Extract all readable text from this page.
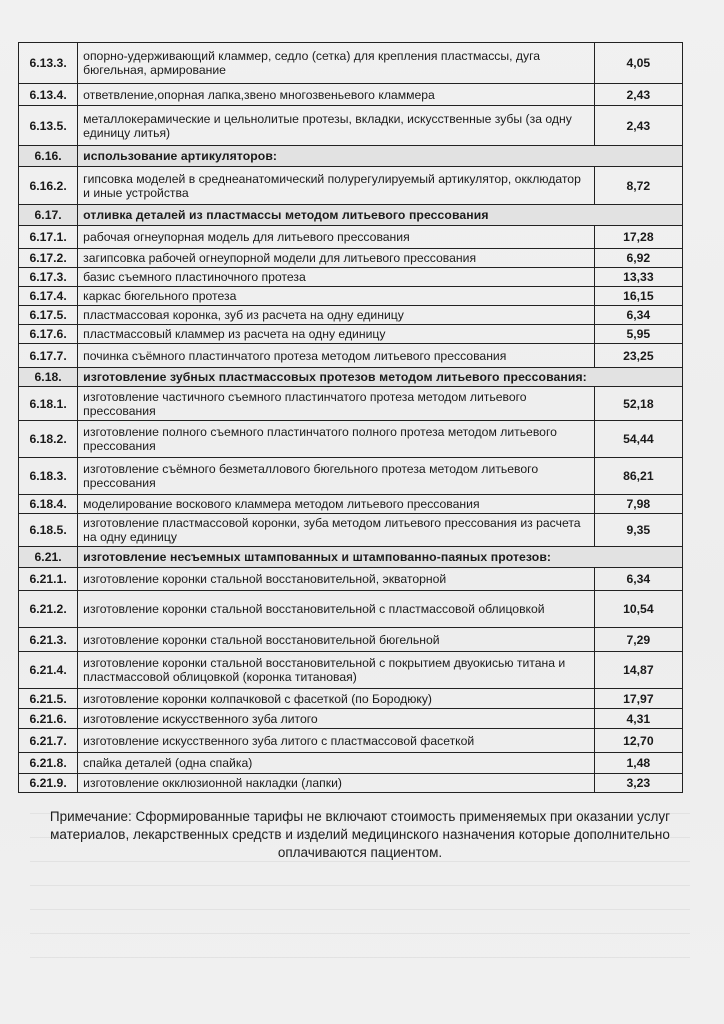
6.13.3.	опорно-удерживающий кламмер, седло (сетка) для крепления пластмассы, дуга бюгельная, армирование	4,05
6.13.4.	ответвление,опорная лапка,звено многозвеньевого кламмера	2,43
6.13.5.	металлокерамические и цельнолитые протезы, вкладки, искусственные зубы (за одну единицу литья)	2,43
6.16.	использование артикуляторов:	
6.16.2.	гипсовка моделей в среднеанатомический полурегулируемый артикулятор, окклюдатор и иные устройства	8,72
6.17.	отливка деталей из пластмассы методом литьевого прессования	
6.17.1.	рабочая огнеупорная модель для литьевого прессования	17,28
6.17.2.	загипсовка рабочей огнеупорной модели для литьевого прессования	6,92
6.17.3.	базис съемного пластиночного протеза	13,33
6.17.4.	каркас бюгельного протеза	16,15
6.17.5.	пластмассовая коронка, зуб из расчета на одну единицу	6,34
6.17.6.	пластмассовый кламмер из расчета на одну единицу	5,95
6.17.7.	починка съёмного пластинчатого протеза методом литьевого прессования	23,25
6.18.	изготовление зубных пластмассовых протезов методом литьевого прессования:	
6.18.1.	изготовление частичного съемного пластинчатого протеза методом литьевого прессования	52,18
6.18.2.	изготовление полного съемного пластинчатого полного протеза методом литьевого прессования	54,44
6.18.3.	изготовление съёмного безметаллового бюгельного протеза методом литьевого прессования	86,21
6.18.4.	моделирование воскового кламмера методом литьевого прессования	7,98
6.18.5.	изготовление пластмассовой коронки, зуба методом литьевого прессования из расчета на одну единицу	9,35
6.21.	изготовление несъемных штампованных и штампованно-паяных протезов:	
6.21.1.	изготовление коронки стальной восстановительной, экваторной	6,34
6.21.2.	изготовление коронки стальной восстановительной с пластмассовой облицовкой	10,54
6.21.3.	изготовление коронки стальной восстановительной бюгельной	7,29
6.21.4.	изготовление коронки стальной восстановительной с покрытием двуокисью титана и пластмассовой облицовкой (коронка титановая)	14,87
6.21.5.	изготовление коронки колпачковой с фасеткой (по Бородюку)	17,97
6.21.6.	изготовление искусственного зуба литого	4,31
6.21.7.	изготовление искусственного зуба литого с пластмассовой фасеткой	12,70
6.21.8.	спайка деталей (одна спайка)	1,48
6.21.9.	изготовление окклюзионной накладки (лапки)	3,23
Примечание: Сформированные тарифы не включают стоимость применяемых при оказании услуг материалов, лекарственных средств и изделий медицинского назначения которые дополнительно оплачиваются пациентом.
